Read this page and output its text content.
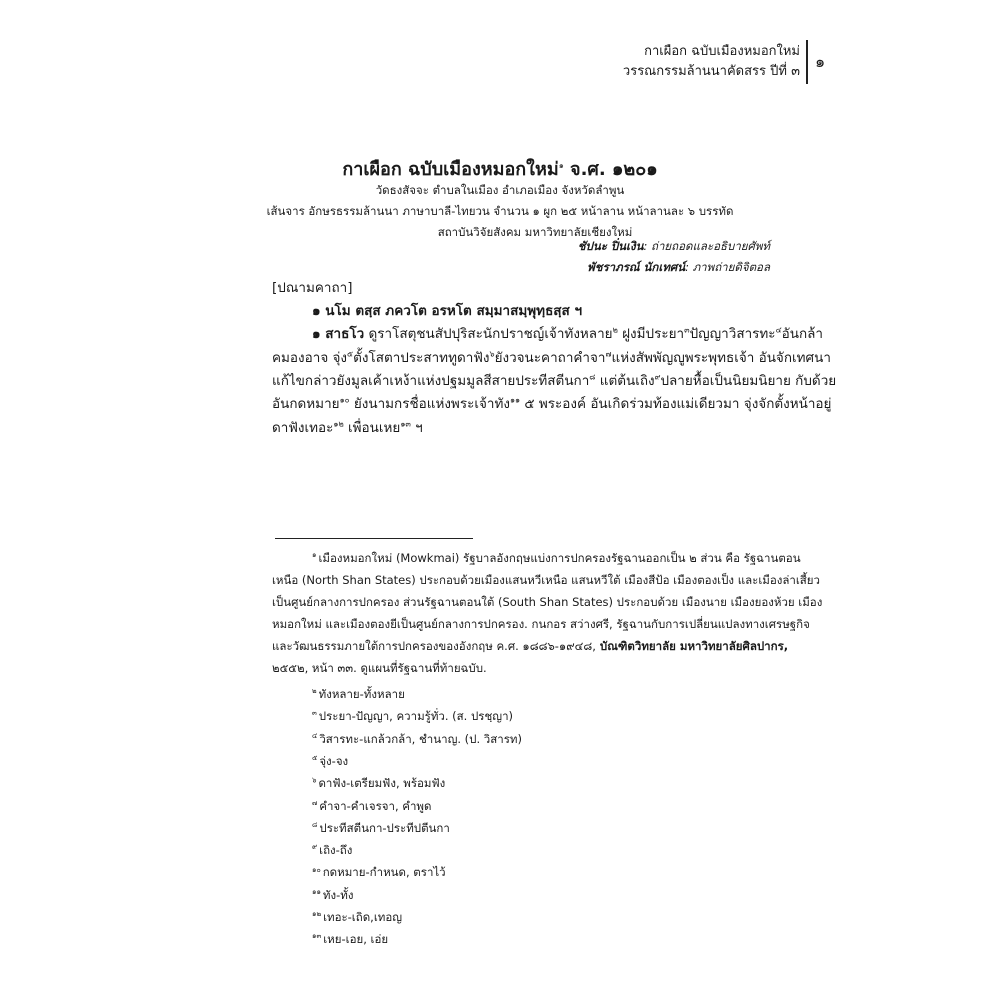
กาเผือก ฉบับเมืองหมอกใหม่
วรรณกรรมล้านนาคัดสรร ปีที่ ๓
๑
กาเผือก ฉบับเมืองหมอกใหม่$^๑$ จ.ศ. ๑๒๐๑
วัดธงสัจจะ ตำบลในเมือง อำเภอเมือง จังหวัดลำพูน
เส้นจาร อักษรธรรมล้านนา ภาษาบาลี-ไทยวน จำนวน ๑ ผูก ๒๕ หน้าลาน หน้าลานละ ๖ บรรทัด
สถาบันวิจัยสังคม มหาวิทยาลัยเชียงใหม่
ชัปนะ ปิ่นเงิน: ถ่ายถอดและอธิบายศัพท์
พัชราภรณ์ นักเทศน์: ภาพถ่ายดิจิตอล
[ปณามคาถา]
๑ นโม ตสฺส ภควโต อรหโต สมฺมาสมฺพุทฺธสฺส ฯ
๑ สาธโว ดูราโสตุชนสัปปุริสะนักปราชญ์เจ้าทังหลาย$^๒$ ฝูงมีประยา$^๓$ปัญญาวิสารทะ$^๔$อันกล้า
คมองอาจ จุ่ง$^๕$ตั้งโสตาประสาททูดาฟัง$^๖$ยังวจนะคาถาคำจา$^๗$แห่งสัพพัญญูพระพุทธเจ้า อันจักเทศนา
แก้ไขกล่าวยังมูลเค้าเหง้าแห่งปฐมมูลสีสายประทีสตีนกา$^๘$ แต่ต้นเถิง$^๙$ปลายหื้อเป็นนิยมนิยาย กับด้วย
อันกดหมาย$^{๑๐}$ ยังนามกรชื่อแห่งพระเจ้าทัง$^{๑๑}$ ๕ พระองค์ อันเกิดร่วมท้องแม่เดียวมา จุ่งจักตั้งหน้าอยู่
ดาฟังเทอะ$^{๑๒}$ เพื่อนเหย$^{๑๓}$ ฯ
$^๑$ เมืองหมอกใหม่ (Mowkmai) รัฐบาลอังกฤษแบ่งการปกครองรัฐฉานออกเป็น ๒ ส่วน คือ รัฐฉานตอน
เหนือ (North Shan States) ประกอบด้วยเมืองแสนหวีเหนือ แสนหวีใต้ เมืองสีป้อ เมืองตองเป็ง และเมืองล่าเสี้ยว
เป็นศูนย์กลางการปกครอง ส่วนรัฐฉานตอนใต้ (South Shan States) ประกอบด้วย เมืองนาย เมืองยองห้วย เมือง
หมอกใหม่ และเมืองตองยีเป็นศูนย์กลางการปกครอง. กนกอร สว่างศรี, รัฐฉานกับการเปลี่ยนแปลงทางเศรษฐกิจ
และวัฒนธรรมภายใต้การปกครองของอังกฤษ ค.ศ. ๑๘๘๖-๑๙๔๘, บัณฑิตวิทยาลัย มหาวิทยาลัยศิลปากร,
๒๕๕๒, หน้า ๓๓. ดูแผนที่รัฐฉานที่ท้ายฉบับ.
$^๒$ ทังหลาย-ทั้งหลาย
$^๓$ ประยา-ปัญญา, ความรู้ทั่ว. (ส. ปรชฺญา)
$^๔$ วิสารทะ-แกล้วกล้า, ชำนาญ. (ป. วิสารท)
$^๕$ จุ่ง-จง
$^๖$ ดาฟัง-เตรียมฟัง, พร้อมฟัง
$^๗$ คำจา-คำเจรจา, คำพูด
$^๘$ ประทีสตีนกา-ประทีปตีนกา
$^๙$ เถิง-ถึง
$^{๑๐}$ กดหมาย-กำหนด, ตราไว้
$^{๑๑}$ ทัง-ทั้ง
$^{๑๒}$ เทอะ-เถิด,เทอญ
$^{๑๓}$ เหย-เอย, เอ่ย
